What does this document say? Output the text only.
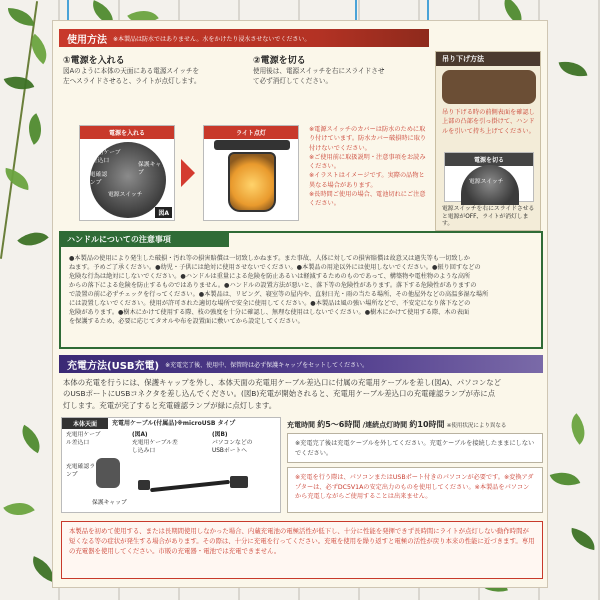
使用方法 ※本製品は防水ではありません。水をかけたり浸水させないでください。
①電源を入れる
図Aのように本体の天面にある電源スイッチを
左へスライドさせると、ライトが点灯します。
②電源を切る
使用後は、電源スイッチを右にスライドさせ
て必ず消灯してください。
電源を入れる
充電用ケーブル差込口
充電確認ランプ
保護キャップ
電源スイッチ
図A
ライト点灯
※電源スイッチのカバーは防水のために取り付けています。防水カバー破損時に取り付けないでください。
※ご使用前に取扱説明・注意事項をお読みください。
※イラストはイメージです。実際の品物と異なる場合があります。
※長時間ご使用の場合、電池切れにご注意ください。
吊り下げ方法
吊り下げる時の前側表面を確認し上部の凸部を引っ掛けて、ハンドルを引いて持ち上げてください。
電源を切る
電源スイッチ
電源スイッチを右にスライドさせると電源がOFF、ライトが消灯します。
ハンドルについての注意事項
●本製品の使用により発生した破損・汚れ等の損害賠償は一切致しかねます。また事故、人体に対しての損害賠償は故意又は過失等も一切致しか
ねます。予めご了承ください。●幼児・子供には絶対に使用させないでください。●本製品の用途以外には使用しないでください。●振り回すなどの
危険な行為は絶対にしないでください。●ハンドルは重量による危険を防止あるいは軽減するためのものであって、構築物や電柱物のような高所
からの落下による危険を防止するものではありません。●ハンドルの設置方法が悪いと、落下等の危険性があります。落下する危険性がありますの
で設置の前に必ずチェックを行ってください。●本製品は、リビング、寝室等の屋内や、直射日光・雨の当たる場所、その他屋外などの高温多湿な場所
には設置しないでください。使用が許可された適切な場所で安全に使用してください。●本製品は風の強い場所などで、不安定になり落下などの
危険があります。●樹木にかけて使用する際、枝の強度を十分に確認し、無理な使用はしないでください。●樹木にかけて使用する際、木の表面
を保護するため、必要に応じてタオルや布を設置面に敷いてから設定してください。
充電方法(USB充電) ※充電完了後、使用中、保管時は必ず保護キャップをセットしてください。
本体の充電を行うには、保護キャップを外し、本体天面の充電用ケーブル差込口に付属の充電用ケーブルを差し(図A)、パソコンなど
のUSBポートにUSBコネクタを差し込んでください。(図B)充電が開始されると、充電用ケーブル差込口の充電確認ランプが赤に点
灯します。充電が完了すると充電確認ランプが緑に点灯します。
本体天面	充電用ケーブル(付属品)※microUSB タイプ
充電用ケーブル差込口
充電確認ランプ
保護キャップ
(図A)
充電用ケーブル差し込み口
(図B)
パソコンなどのUSBポートへ
充電時間 約5〜6時間 /連続点灯時間 約10時間 ※使用状況により異なる
※充電完了後は充電ケーブルを外してください。充電ケーブルを接続したままにしないでください。
※充電を行う際は、パソコンまたはUSBポート付きのパソコンが必要です。※変換アダプターは、必ずDC5V1Aの安定出力のものを使用してください。※本製品をパソコンから充電しながらご使用することは出来ません。
本製品を初めて使用する、または長期間使用しなかった場合、内蔵充電池の電極活性が低下し、十分に性能を発揮できず長時間にライトが点灯しない動作時間が短くなる等の症状が発生する場合があります。その際は、十分に充電を行ってください。充電を使用を繰り返すと電極の活性が戻り本来の性能に近づきます。専用の充電器を使用してください。市販の充電器・電池では充電できません。
